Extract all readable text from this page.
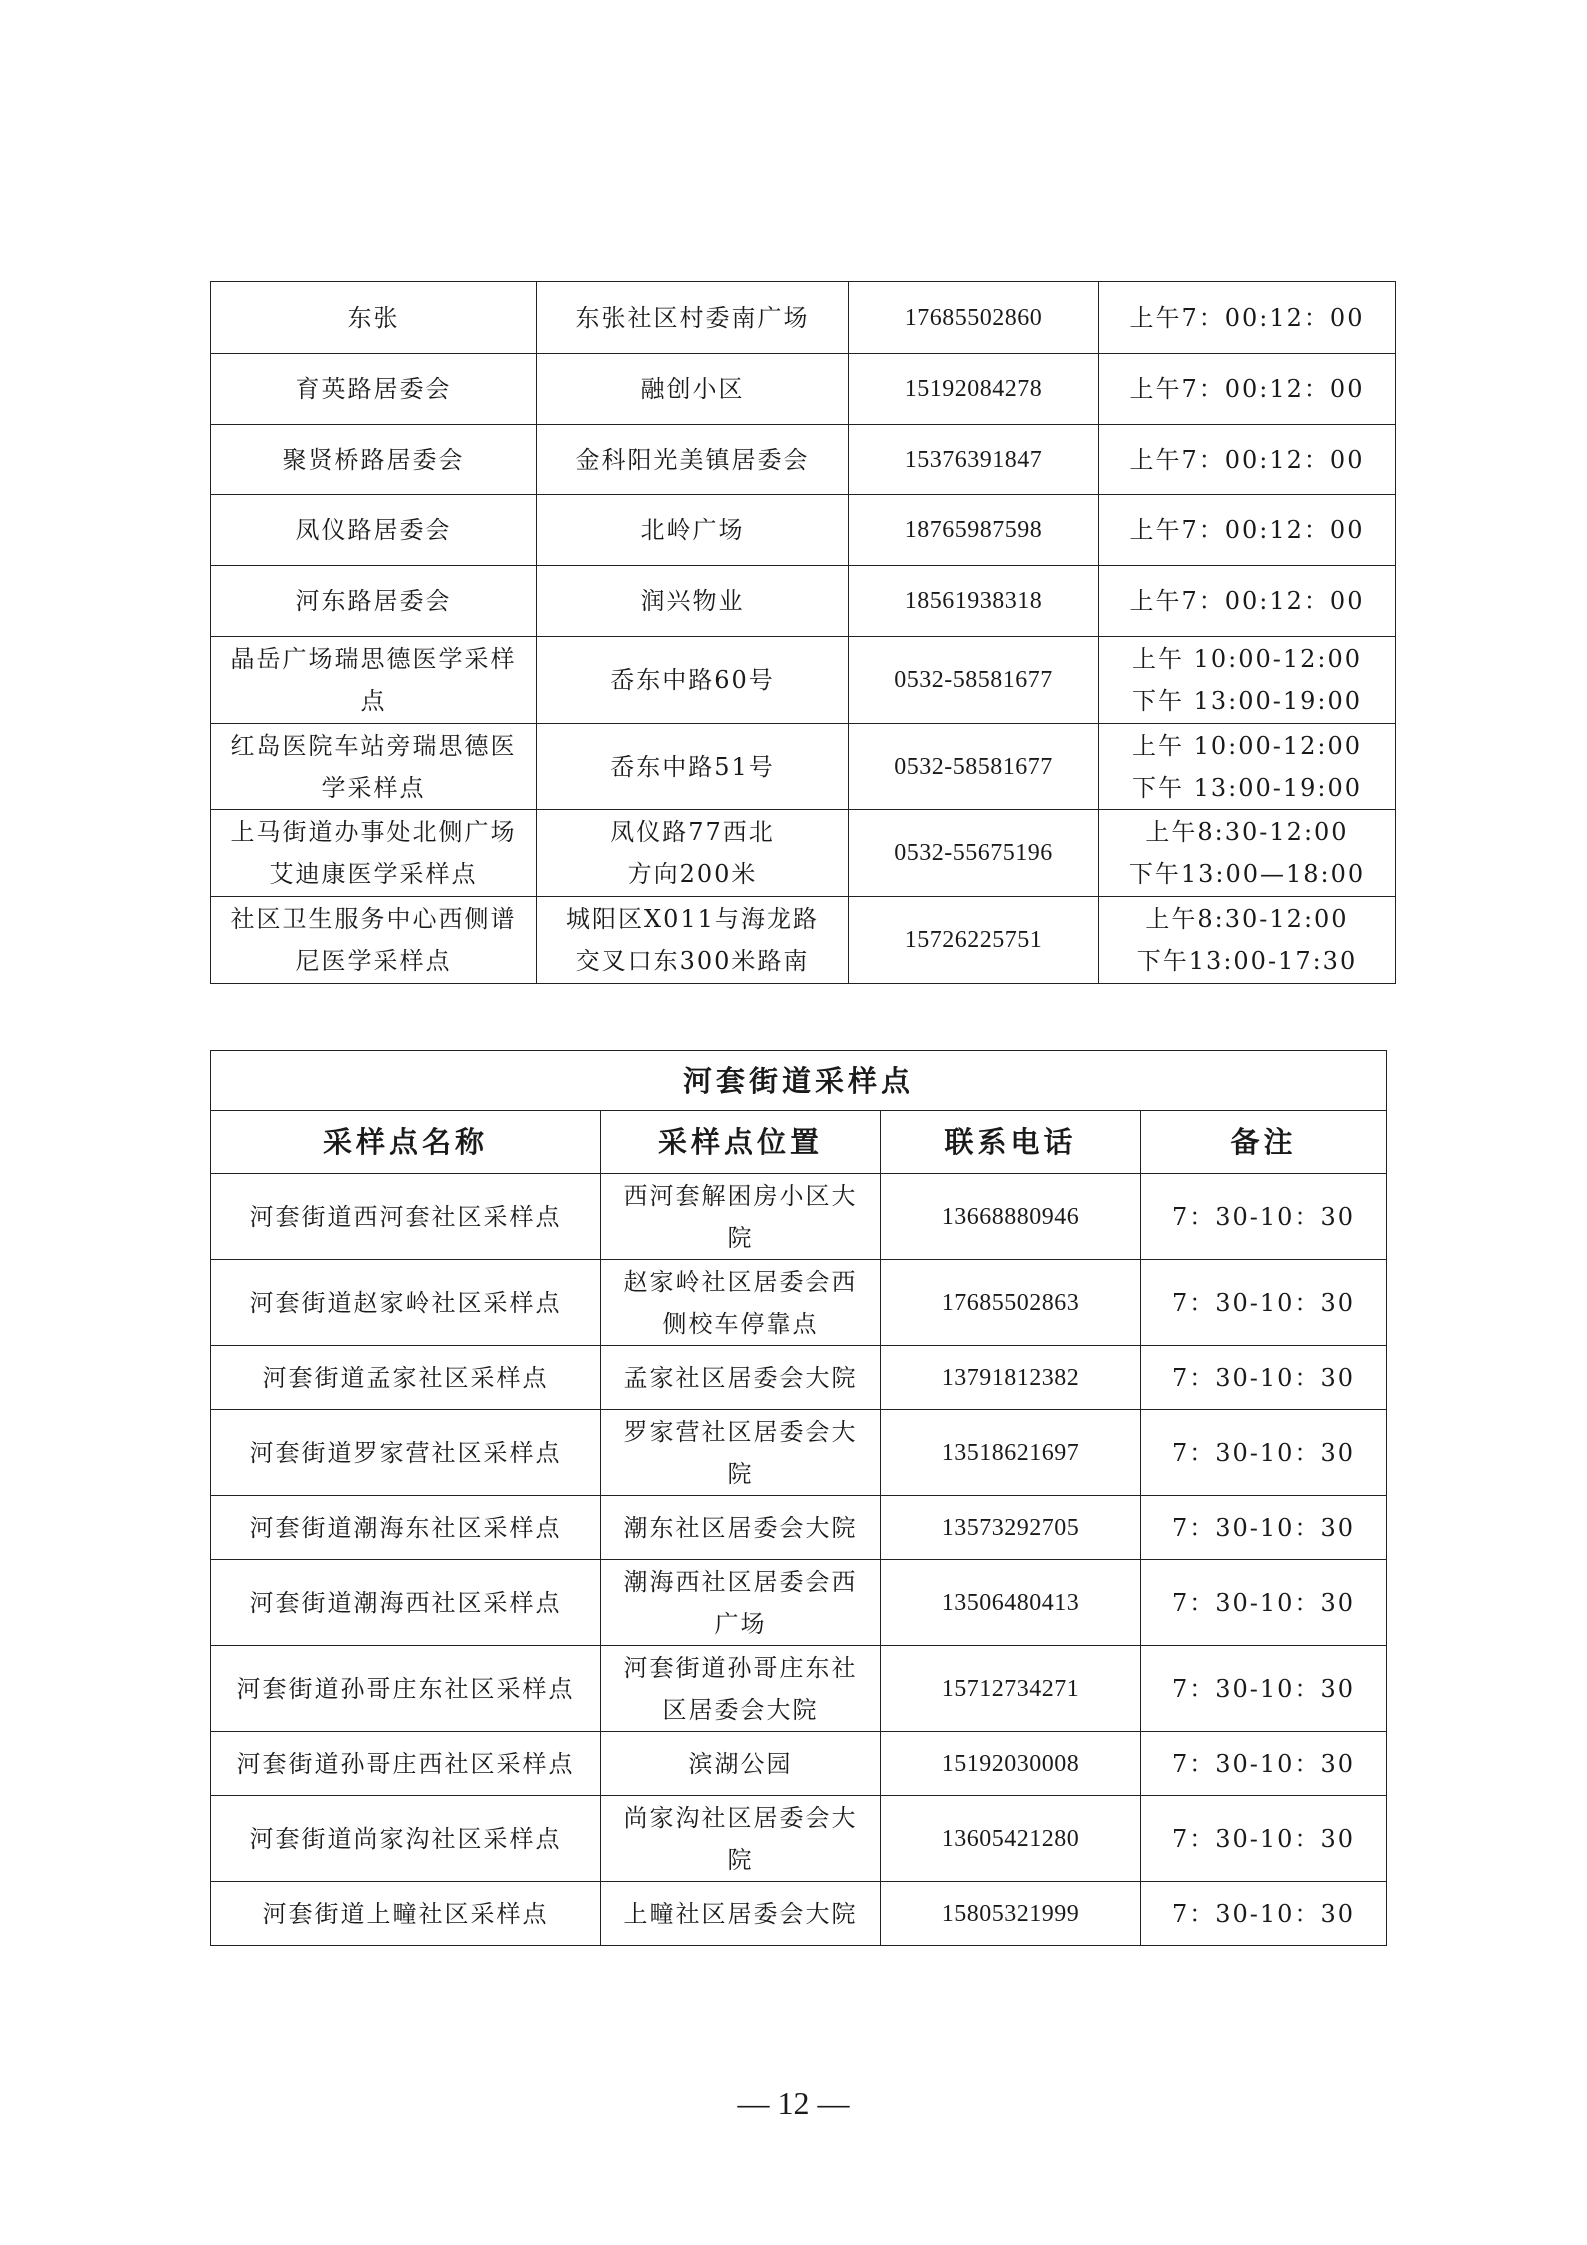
东张	东张社区村委南广场	17685502860	上午7：00:12：00

育英路居委会	融创小区	15192084278	上午7：00:12：00

聚贤桥路居委会	金科阳光美镇居委会	15376391847	上午7：00:12：00

凤仪路居委会	北岭广场	18765987598	上午7：00:12：00

河东路居委会	润兴物业	18561938318	上午7：00:12：00

晶岳广场瑞思德医学采样
点	岙东中路60号	0532-58581677	上午 10:00-12:00
下午 13:00-19:00

红岛医院车站旁瑞思德医
学采样点	岙东中路51号	0532-58581677	上午 10:00-12:00
下午 13:00-19:00

上马街道办事处北侧广场
艾迪康医学采样点	凤仪路77西北
方向200米	0532-55675196	上午8:30-12:00
下午13:00—18:00

社区卫生服务中心西侧谱
尼医学采样点	城阳区X011与海龙路
交叉口东300米路南	15726225751	上午8:30-12:00
下午13:00-17:30
河套街道采样点			
采样点名称	采样点位置	联系电话	备注
河套街道西河套社区采样点	西河套解困房小区大
院	13668880946	7：30-10：30
河套街道赵家岭社区采样点	赵家岭社区居委会西
侧校车停靠点	17685502863	7：30-10：30
河套街道孟家社区采样点	孟家社区居委会大院	13791812382	7：30-10：30
河套街道罗家营社区采样点	罗家营社区居委会大
院	13518621697	7：30-10：30
河套街道潮海东社区采样点	潮东社区居委会大院	13573292705	7：30-10：30
河套街道潮海西社区采样点	潮海西社区居委会西
广场	13506480413	7：30-10：30
河套街道孙哥庄东社区采样点	河套街道孙哥庄东社
区居委会大院	15712734271	7：30-10：30
河套街道孙哥庄西社区采样点	滨湖公园	15192030008	7：30-10：30
河套街道尚家沟社区采样点	尚家沟社区居委会大
院	13605421280	7：30-10：30
河套街道上疃社区采样点	上疃社区居委会大院	15805321999	7：30-10：30
— 12 —
